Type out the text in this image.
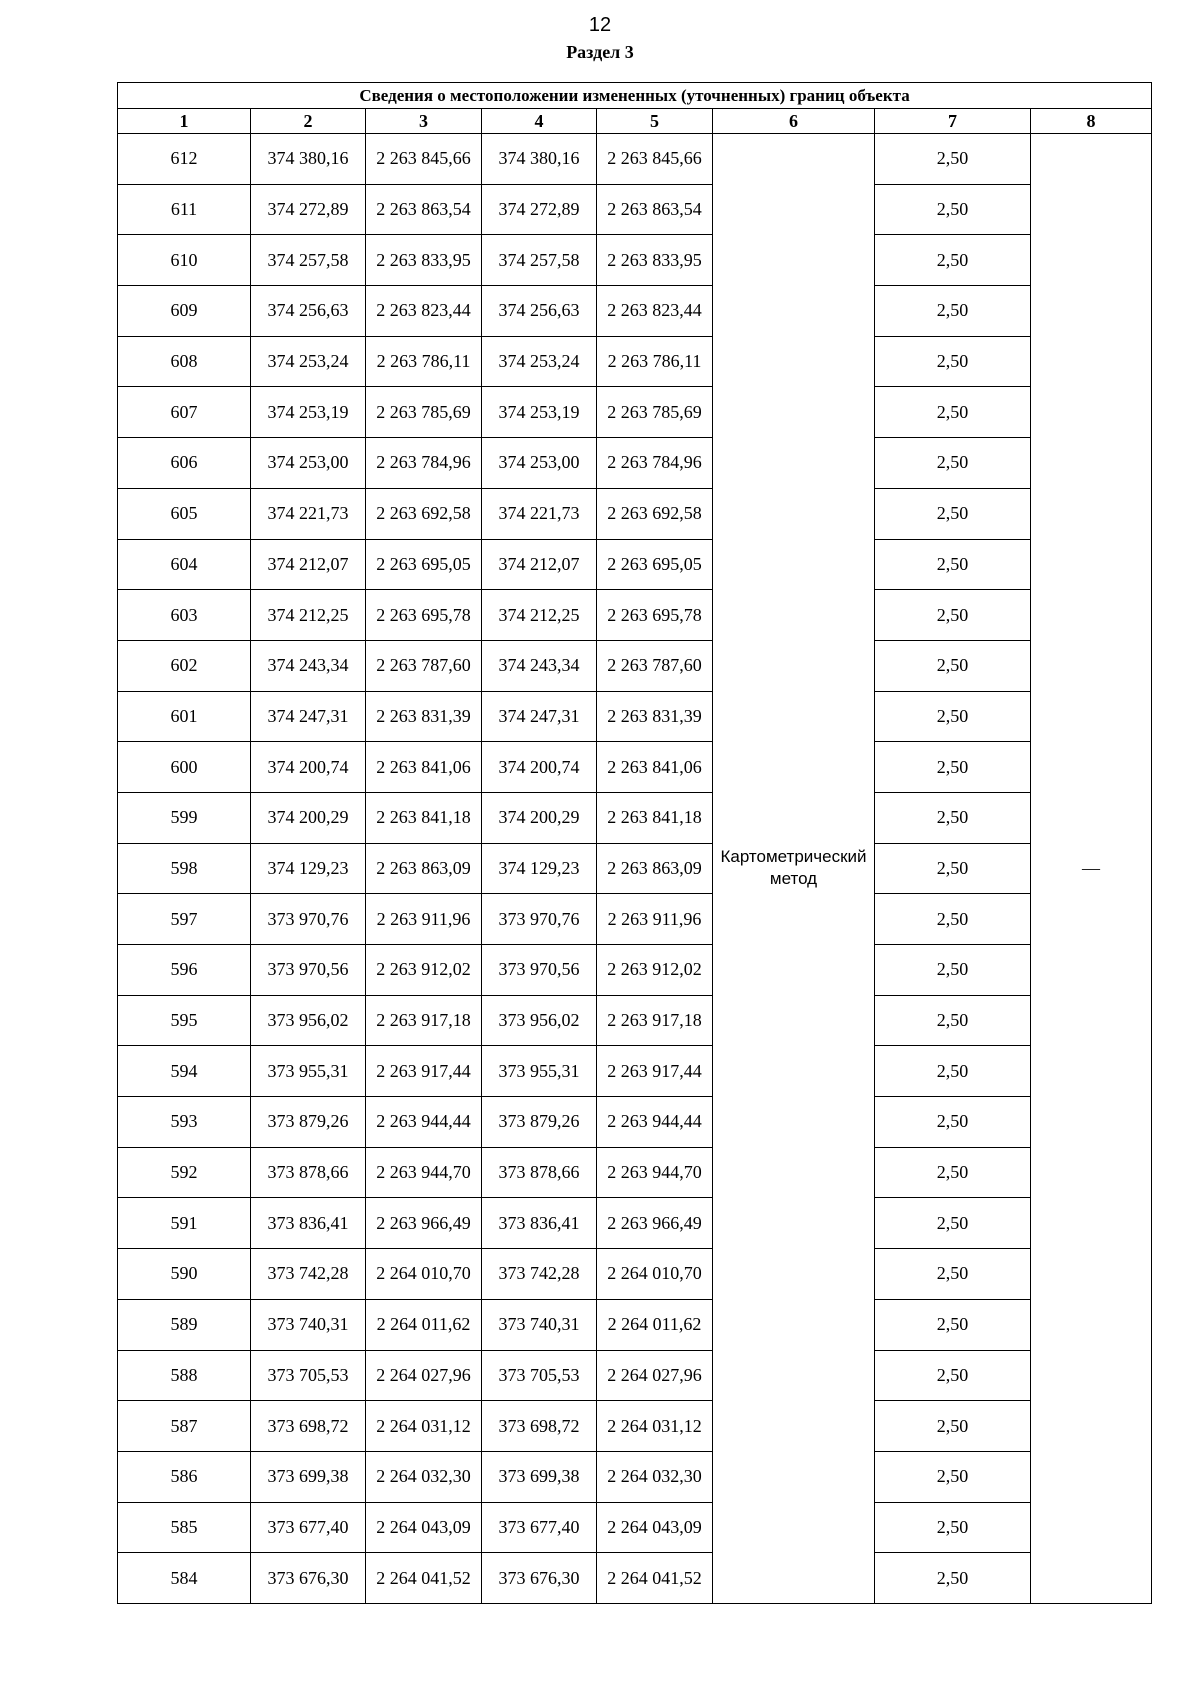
12
Раздел 3
Сведения о местоположении измененных (уточненных) границ объекта							
1	2	3	4	5	6	7	8
612	374 380,16	2 263 845,66	374 380,16	2 263 845,66	Картометрический метод	2,50	—
611	374 272,89	2 263 863,54	374 272,89	2 263 863,54		2,50	
610	374 257,58	2 263 833,95	374 257,58	2 263 833,95		2,50	
609	374 256,63	2 263 823,44	374 256,63	2 263 823,44		2,50	
608	374 253,24	2 263 786,11	374 253,24	2 263 786,11		2,50	
607	374 253,19	2 263 785,69	374 253,19	2 263 785,69		2,50	
606	374 253,00	2 263 784,96	374 253,00	2 263 784,96		2,50	
605	374 221,73	2 263 692,58	374 221,73	2 263 692,58		2,50	
604	374 212,07	2 263 695,05	374 212,07	2 263 695,05		2,50	
603	374 212,25	2 263 695,78	374 212,25	2 263 695,78		2,50	
602	374 243,34	2 263 787,60	374 243,34	2 263 787,60		2,50	
601	374 247,31	2 263 831,39	374 247,31	2 263 831,39		2,50	
600	374 200,74	2 263 841,06	374 200,74	2 263 841,06		2,50	
599	374 200,29	2 263 841,18	374 200,29	2 263 841,18		2,50	
598	374 129,23	2 263 863,09	374 129,23	2 263 863,09		2,50	
597	373 970,76	2 263 911,96	373 970,76	2 263 911,96		2,50	
596	373 970,56	2 263 912,02	373 970,56	2 263 912,02		2,50	
595	373 956,02	2 263 917,18	373 956,02	2 263 917,18		2,50	
594	373 955,31	2 263 917,44	373 955,31	2 263 917,44		2,50	
593	373 879,26	2 263 944,44	373 879,26	2 263 944,44		2,50	
592	373 878,66	2 263 944,70	373 878,66	2 263 944,70		2,50	
591	373 836,41	2 263 966,49	373 836,41	2 263 966,49		2,50	
590	373 742,28	2 264 010,70	373 742,28	2 264 010,70		2,50	
589	373 740,31	2 264 011,62	373 740,31	2 264 011,62		2,50	
588	373 705,53	2 264 027,96	373 705,53	2 264 027,96		2,50	
587	373 698,72	2 264 031,12	373 698,72	2 264 031,12		2,50	
586	373 699,38	2 264 032,30	373 699,38	2 264 032,30		2,50	
585	373 677,40	2 264 043,09	373 677,40	2 264 043,09		2,50	
584	373 676,30	2 264 041,52	373 676,30	2 264 041,52		2,50	
